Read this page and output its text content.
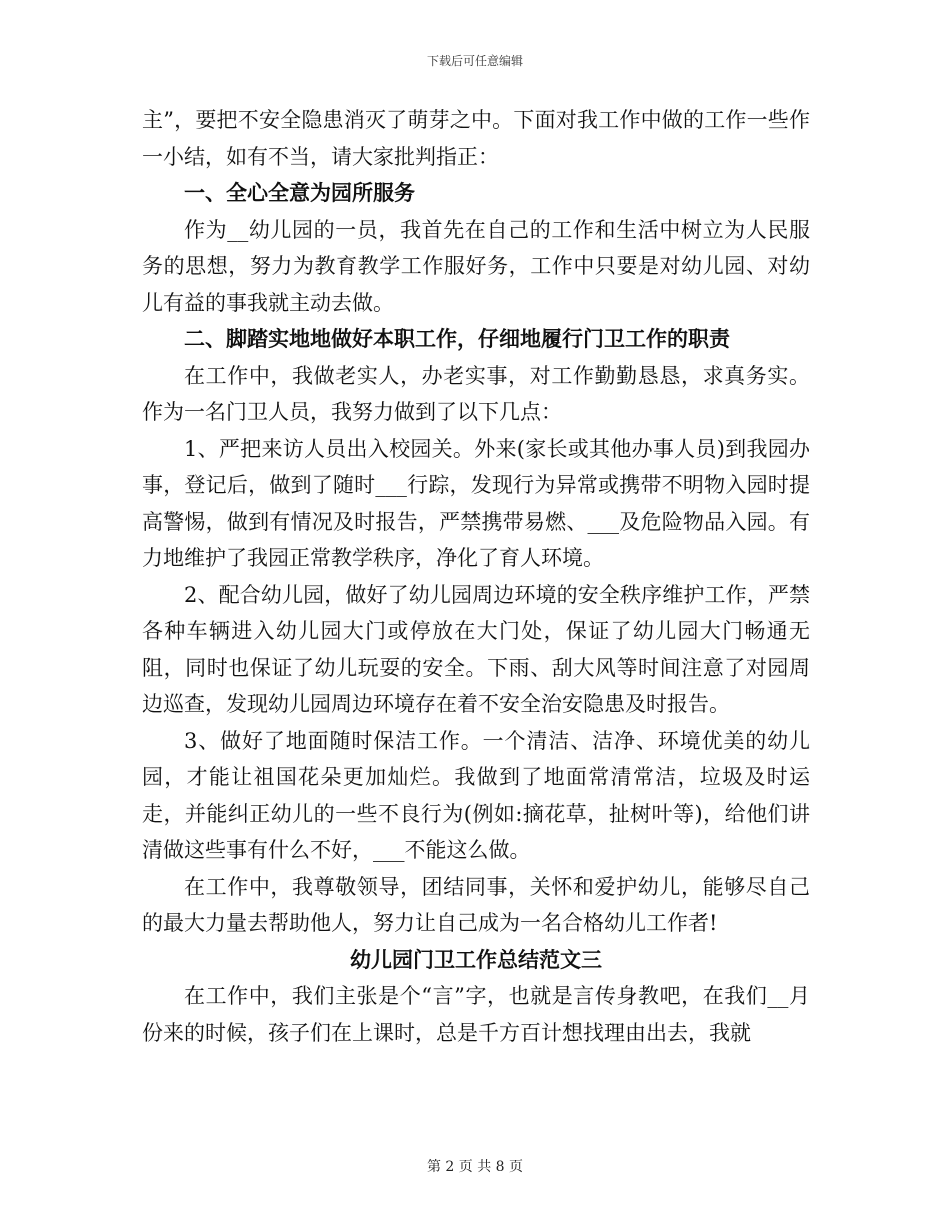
下载后可任意编辑

主”，要把不安全隐患消灭了萌芽之中。下面对我工作中做的工作一些作一小结，如有不当，请大家批判指正：

一、全心全意为园所服务

作为__幼儿园的一员，我首先在自己的工作和生活中树立为人民服务的思想，努力为教育教学工作服好务，工作中只要是对幼儿园、对幼儿有益的事我就主动去做。

二、脚踏实地地做好本职工作，仔细地履行门卫工作的职责

在工作中，我做老实人，办老实事，对工作勤勤恳恳，求真务实。作为一名门卫人员，我努力做到了以下几点：

1、严把来访人员出入校园关。外来(家长或其他办事人员)到我园办事，登记后，做到了随时___行踪，发现行为异常或携带不明物入园时提高警惕，做到有情况及时报告，严禁携带易燃、___及危险物品入园。有力地维护了我园正常教学秩序，净化了育人环境。

2、配合幼儿园，做好了幼儿园周边环境的安全秩序维护工作，严禁各种车辆进入幼儿园大门或停放在大门处，保证了幼儿园大门畅通无阻，同时也保证了幼儿玩耍的安全。下雨、刮大风等时间注意了对园周边巡查，发现幼儿园周边环境存在着不安全治安隐患及时报告。

3、做好了地面随时保洁工作。一个清洁、洁净、环境优美的幼儿园，才能让祖国花朵更加灿烂。我做到了地面常清常洁，垃圾及时运走，并能纠正幼儿的一些不良行为(例如:摘花草，扯树叶等)，给他们讲清做这些事有什么不好，___不能这么做。

在工作中，我尊敬领导，团结同事，关怀和爱护幼儿，能够尽自己的最大力量去帮助他人，努力让自己成为一名合格幼儿工作者!

幼儿园门卫工作总结范文三

在工作中，我们主张是个“言”字，也就是言传身教吧，在我们__月份来的时候，孩子们在上课时，总是千方百计想找理由出去，我就

第 2 页 共 8 页
